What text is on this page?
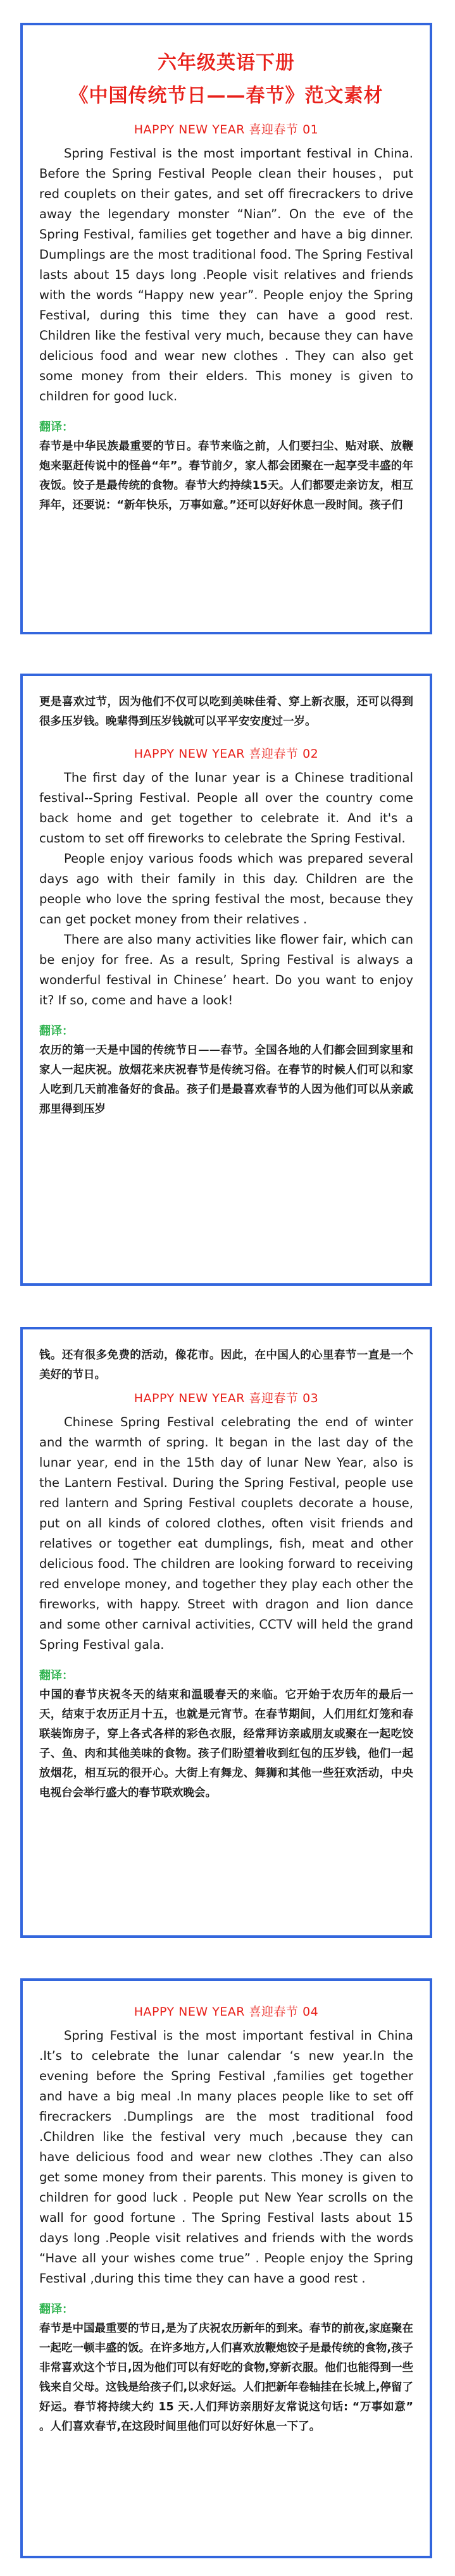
六年级英语下册
《中国传统节日——春节》范文素材
HAPPY NEW YEAR 喜迎春节 01

Spring Festival is the most important festival in China. Before the Spring Festival People clean their houses，put red couplets on their gates, and set off firecrackers to drive away the legendary monster “Nian”. On the eve of the Spring Festival, families get together and have a big dinner. Dumplings are the most traditional food. The Spring Festival lasts about 15 days long .People visit relatives and friends with the words “Happy new year”. People enjoy the Spring Festival, during this time they can have a good rest. Children like the festival very much, because they can have delicious food and wear new clothes . They can also get some money from their elders. This money is given to children for good luck.

翻译：

春节是中华民族最重要的节日。春节来临之前，人们要扫尘、贴对联、放鞭炮来驱赶传说中的怪兽“年”。春节前夕，家人都会团聚在一起享受丰盛的年夜饭。饺子是最传统的食物。春节大约持续15天。人们都要走亲访友，相互拜年，还要说：“新年快乐，万事如意。”还可以好好休息一段时间。孩子们

更是喜欢过节，因为他们不仅可以吃到美味佳肴、穿上新衣服，还可以得到很多压岁钱。晚辈得到压岁钱就可以平平安安度过一岁。

HAPPY NEW YEAR 喜迎春节 02

The first day of the lunar year is a Chinese traditional festival--Spring Festival. People all over the country come back home and get together to celebrate it. And it's a custom to set off fireworks to celebrate the Spring Festival.

People enjoy various foods which was prepared several days ago with their family in this day. Children are the people who love the spring festival the most, because they can get pocket money from their relatives .

There are also many activities like flower fair, which can be enjoy for free. As a result, Spring Festival is always a wonderful festival in Chinese’ heart. Do you want to enjoy it? If so, come and have a look!

翻译：

农历的第一天是中国的传统节日——春节。全国各地的人们都会回到家里和家人一起庆祝。放烟花来庆祝春节是传统习俗。在春节的时候人们可以和家人吃到几天前准备好的食品。孩子们是最喜欢春节的人因为他们可以从亲戚那里得到压岁

钱。还有很多免费的活动，像花市。因此，在中国人的心里春节一直是一个美好的节日。

HAPPY NEW YEAR 喜迎春节 03

Chinese Spring Festival celebrating the end of winter and the warmth of spring. It began in the last day of the lunar year, end in the 15th day of lunar New Year, also is the Lantern Festival. During the Spring Festival, people use red lantern and Spring Festival couplets decorate a house, put on all kinds of colored clothes, often visit friends and relatives or together eat dumplings, fish, meat and other delicious food. The children are looking forward to receiving red envelope money, and together they play each other the fireworks, with happy. Street with dragon and lion dance and some other carnival activities, CCTV will held the grand Spring Festival gala.

翻译：

中国的春节庆祝冬天的结束和温暖春天的来临。它开始于农历年的最后一天，结束于农历正月十五，也就是元宵节。在春节期间，人们用红灯笼和春联装饰房子，穿上各式各样的彩色衣服，经常拜访亲戚朋友或聚在一起吃饺子、鱼、肉和其他美味的食物。孩子们盼望着收到红包的压岁钱，他们一起放烟花，相互玩的很开心。大街上有舞龙、舞狮和其他一些狂欢活动，中央电视台会举行盛大的春节联欢晚会。

HAPPY NEW YEAR 喜迎春节 04

Spring Festival is the most important festival in China .It’s to celebrate the lunar calendar ‘s new year.In the evening before the Spring Festival ,families get together and have a big meal .In many places people like to set off firecrackers .Dumplings are the most traditional food .Children like the festival very much ,because they can have delicious food and wear new clothes .They can also get some money from their parents. This money is given to children for good luck . People put New Year scrolls on the wall for good fortune . The Spring Festival lasts about 15 days long .People visit relatives and friends with the words “Have all your wishes come true” . People enjoy the Spring Festival ,during this time they can have a good rest .

翻译：

春节是中国最重要的节日,是为了庆祝农历新年的到来。春节的前夜,家庭聚在一起吃一顿丰盛的饭。在许多地方,人们喜欢放鞭炮饺子是最传统的食物,孩子非常喜欢这个节日,因为他们可以有好吃的食物,穿新衣服。他们也能得到一些钱来自父母。这钱是给孩子们,以求好运。人们把新年卷轴挂在长城上,停留了好运。春节将持续大约 15 天.人们拜访亲朋好友常说这句话: “万事如意” 。人们喜欢春节,在这段时间里他们可以好好休息一下了。
